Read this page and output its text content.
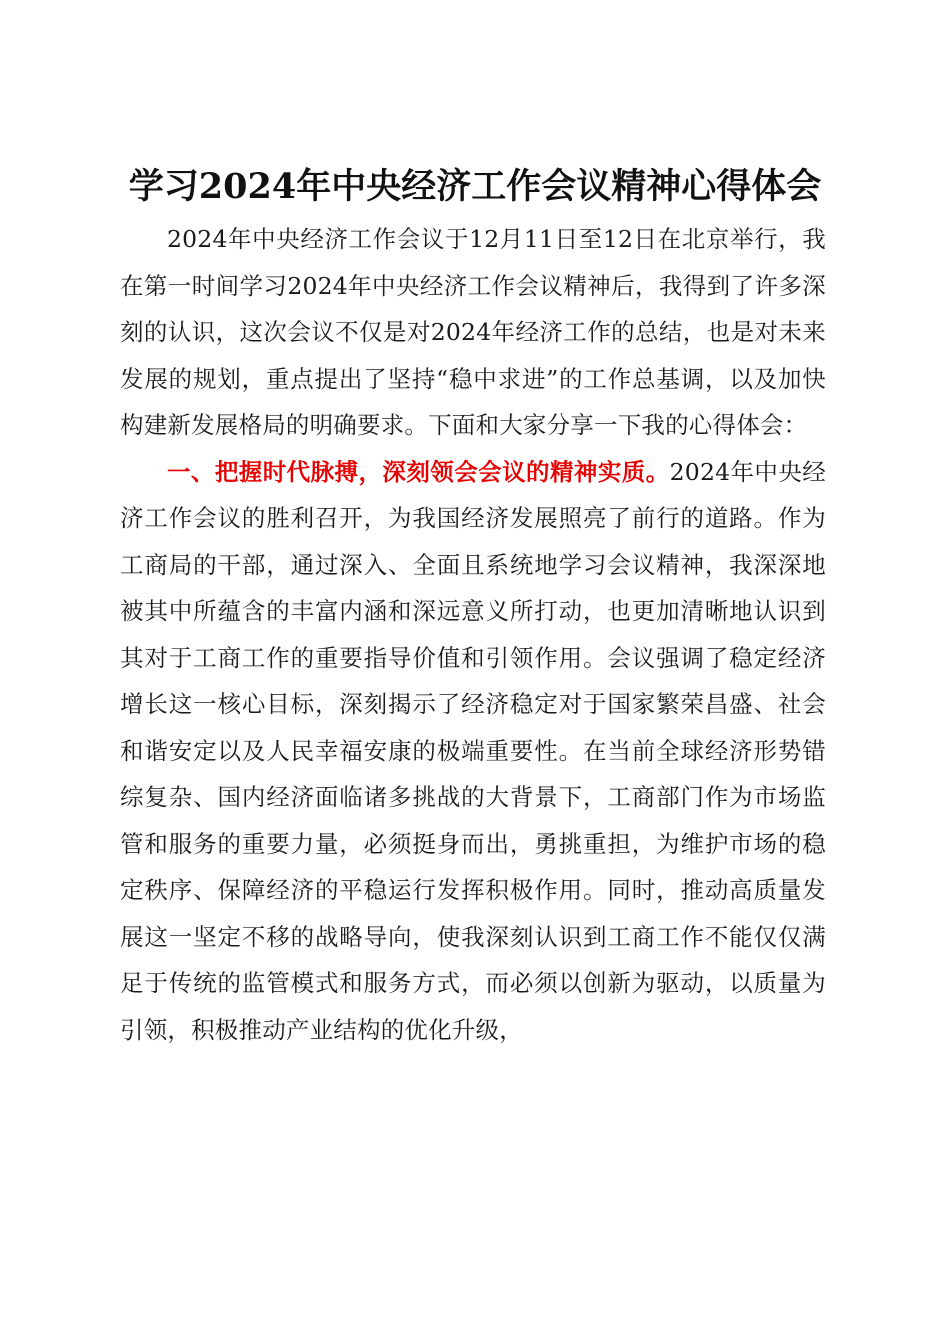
学习2024年中央经济工作会议精神心得体会

2024年中央经济工作会议于12月11日至12日在北京举行，我在第一时间学习2024年中央经济工作会议精神后，我得到了许多深刻的认识，这次会议不仅是对2024年经济工作的总结，也是对未来发展的规划，重点提出了坚持“稳中求进”的工作总基调，以及加快构建新发展格局的明确要求。下面和大家分享一下我的心得体会：

一、把握时代脉搏，深刻领会会议的精神实质。2024年中央经济工作会议的胜利召开，为我国经济发展照亮了前行的道路。作为工商局的干部，通过深入、全面且系统地学习会议精神，我深深地被其中所蕴含的丰富内涵和深远意义所打动，也更加清晰地认识到其对于工商工作的重要指导价值和引领作用。会议强调了稳定经济增长这一核心目标，深刻揭示了经济稳定对于国家繁荣昌盛、社会和谐安定以及人民幸福安康的极端重要性。在当前全球经济形势错综复杂、国内经济面临诸多挑战的大背景下，工商部门作为市场监管和服务的重要力量，必须挺身而出，勇挑重担，为维护市场的稳定秩序、保障经济的平稳运行发挥积极作用。同时，推动高质量发展这一坚定不移的战略导向，使我深刻认识到工商工作不能仅仅满足于传统的监管模式和服务方式，而必须以创新为驱动，以质量为引领，积极推动产业结构的优化升级，
